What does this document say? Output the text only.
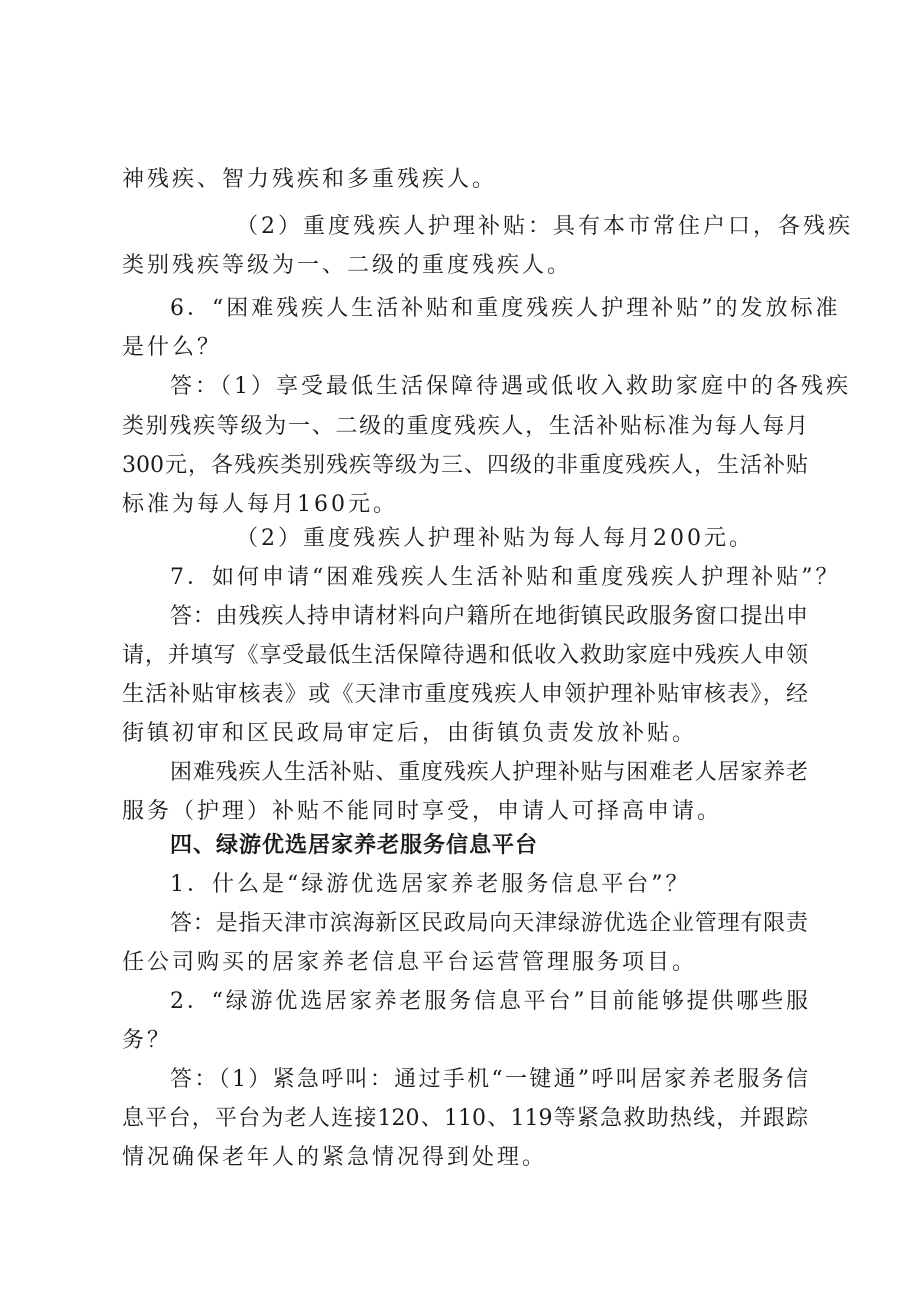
神残疾、智力残疾和多重残疾人。
（2）重度残疾人护理补贴：具有本市常住户口，各残疾
类别残疾等级为一、二级的重度残疾人。
6．“困难残疾人生活补贴和重度残疾人护理补贴”的发放标准
是什么？
答：（1）享受最低生活保障待遇或低收入救助家庭中的各残疾
类别残疾等级为一、二级的重度残疾人，生活补贴标准为每人每月
300元，各残疾类别残疾等级为三、四级的非重度残疾人，生活补贴
标准为每人每月160元。
（2）重度残疾人护理补贴为每人每月200元。
7．如何申请“困难残疾人生活补贴和重度残疾人护理补贴”？
答：由残疾人持申请材料向户籍所在地街镇民政服务窗口提出申
请，并填写《享受最低生活保障待遇和低收入救助家庭中残疾人申领
生活补贴审核表》或《天津市重度残疾人申领护理补贴审核表》，经
街镇初审和区民政局审定后，由街镇负责发放补贴。
困难残疾人生活补贴、重度残疾人护理补贴与困难老人居家养老
服务（护理）补贴不能同时享受，申请人可择高申请。
四、绿游优选居家养老服务信息平台
1．什么是“绿游优选居家养老服务信息平台”？
答：是指天津市滨海新区民政局向天津绿游优选企业管理有限责
任公司购买的居家养老信息平台运营管理服务项目。
2．“绿游优选居家养老服务信息平台”目前能够提供哪些服
务？
答：（1）紧急呼叫：通过手机“一键通”呼叫居家养老服务信
息平台，平台为老人连接120、110、119等紧急救助热线，并跟踪
情况确保老年人的紧急情况得到处理。
